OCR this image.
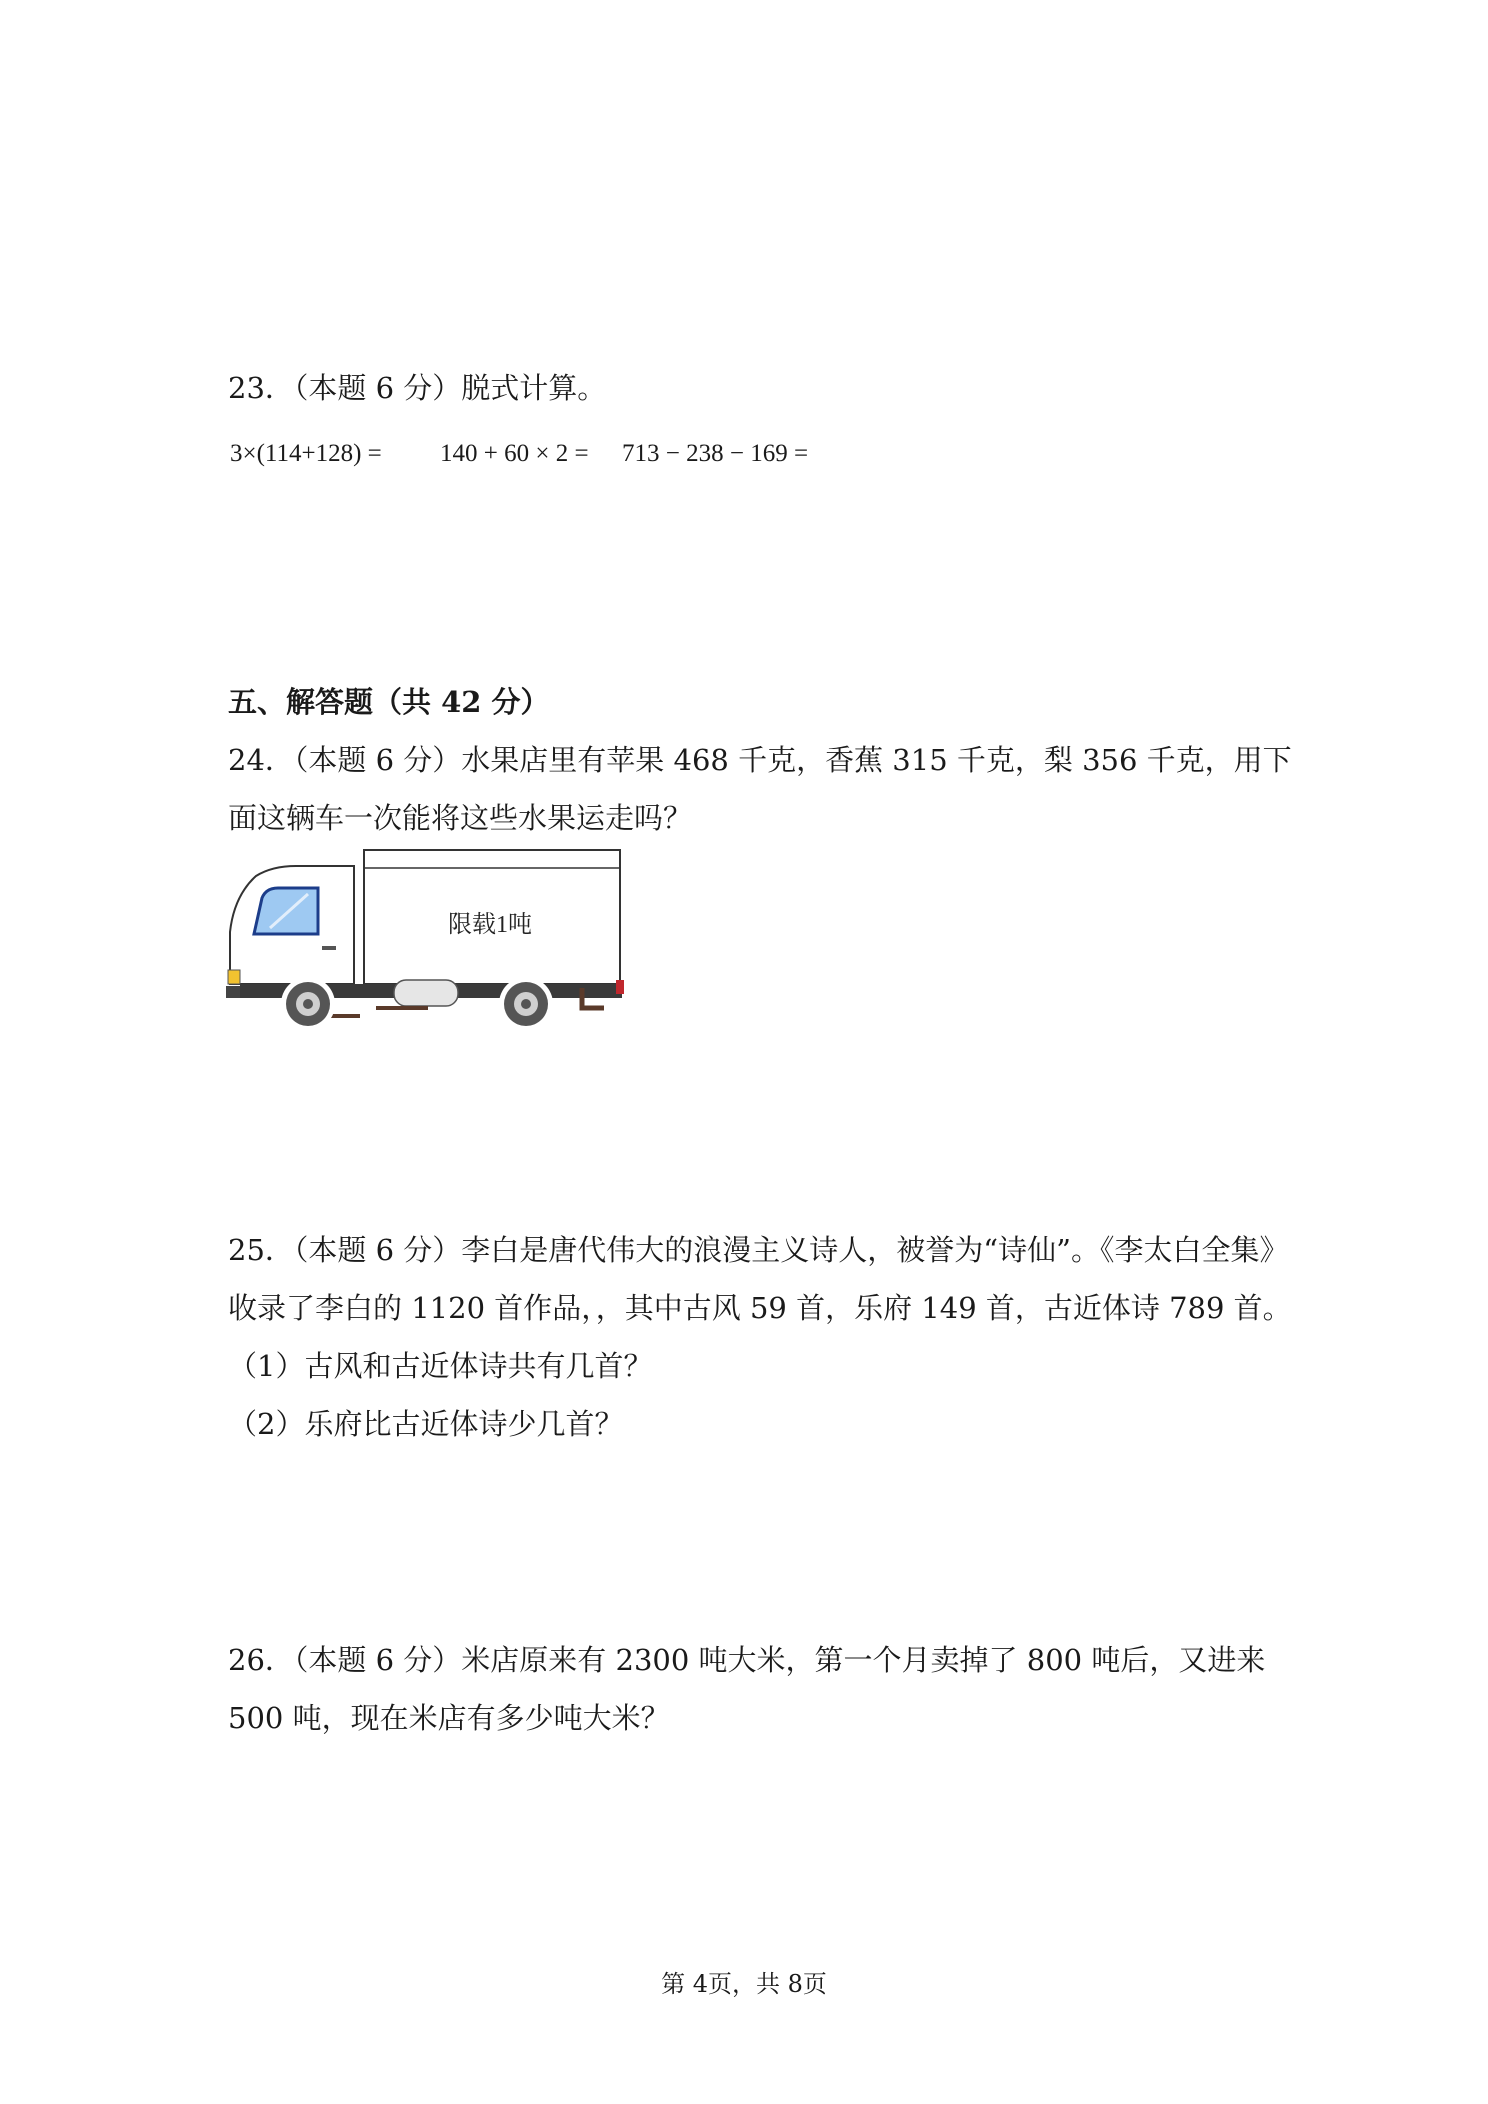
23．（本题 6 分）脱式计算。
3×(114+128) = 140 + 60 × 2 = 713 − 238 − 169 =
五、解答题（共 42 分）
24．（本题 6 分）水果店里有苹果 468 千克，香蕉 315 千克，梨 356 千克，用下
面这辆车一次能将这些水果运走吗？
限载1吨
25．（本题 6 分）李白是唐代伟大的浪漫主义诗人，被誉为“诗仙”。《李太白全集》
收录了李白的 1120 首作品，，其中古风 59 首，乐府 149 首，古近体诗 789 首。
（1）古风和古近体诗共有几首？
（2）乐府比古近体诗少几首？
26．（本题 6 分）米店原来有 2300 吨大米，第一个月卖掉了 800 吨后，又进来
500 吨，现在米店有多少吨大米？
第 4页，共 8页
